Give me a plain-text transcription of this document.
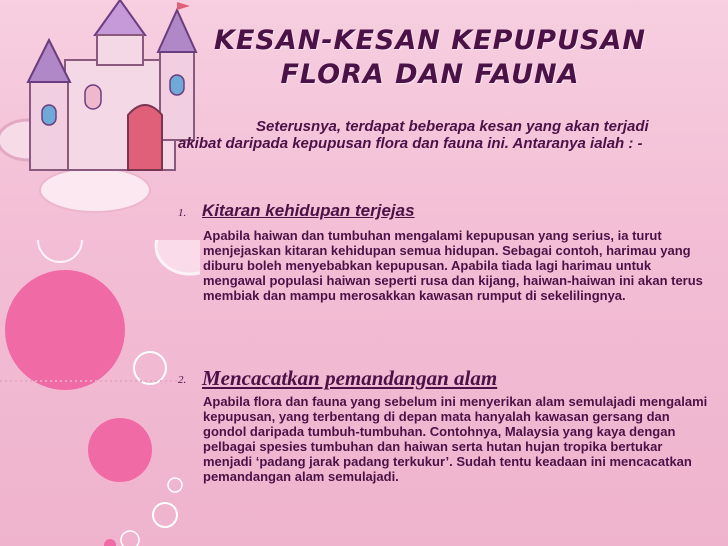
KESAN-KESAN KEPUPUSAN
FLORA DAN FAUNA
Seterusnya, terdapat beberapa kesan yang akan terjadi akibat daripada kepupusan flora dan fauna ini. Antaranya ialah : -
1. Kitaran kehidupan terjejas
Apabila haiwan dan tumbuhan mengalami kepupusan yang serius, ia turut menjejaskan kitaran kehidupan semua hidupan. Sebagai contoh, harimau yang diburu boleh menyebabkan kepupusan. Apabila tiada lagi harimau untuk mengawal populasi haiwan seperti rusa dan kijang, haiwan-haiwan ini akan terus membiak dan mampu merosakkan kawasan rumput di sekelilingnya.
2. Mencacatkan pemandangan alam
Apabila flora dan fauna yang sebelum ini menyerikan alam semulajadi mengalami kepupusan, yang terbentang di depan mata hanyalah kawasan gersang dan gondol daripada tumbuh-tumbuhan. Contohnya, Malaysia yang kaya dengan pelbagai spesies tumbuhan dan haiwan serta hutan hujan tropika bertukar menjadi ‘padang jarak padang terkukur’. Sudah tentu keadaan ini mencacatkan pemandangan alam semulajadi.
